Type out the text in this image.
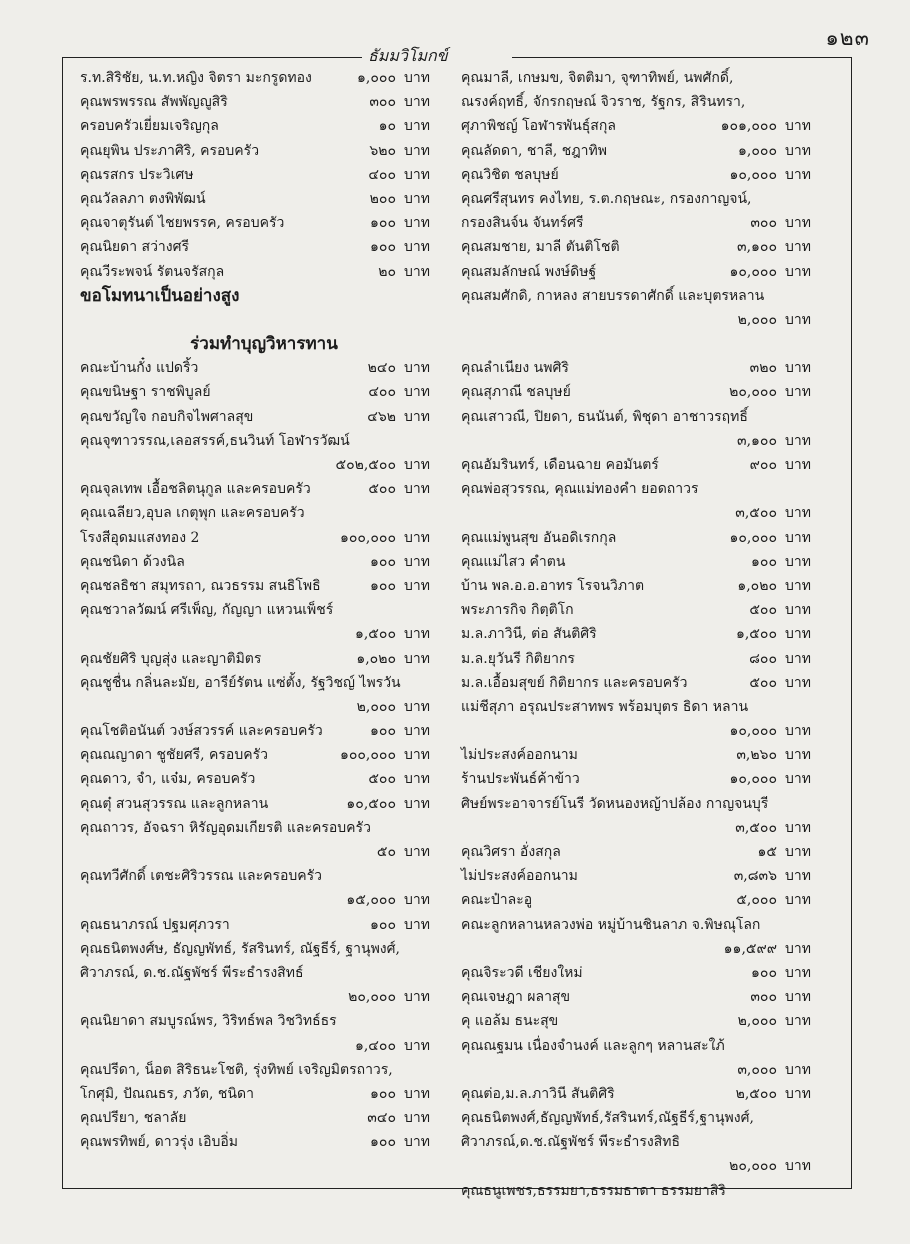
๑๒๓
ธัมมวิโมกข์
ร.ท.สิริชัย, น.ท.หญิง จิตรา มะกรูดทอง	๑,๐๐๐ บาท
คุณพรพรรณ สัพพัญญูสิริ	๓๐๐ บาท
ครอบครัวเยี่ยมเจริญกุล	๑๐ บาท
คุณยุพิน ประภาศิริ, ครอบครัว	๖๒๐ บาท
คุณรสกร ประวิเศษ	๔๐๐ บาท
คุณวัลลภา ตงพิพัฒน์	๒๐๐ บาท
คุณจาตุรันต์ ไชยพรรค, ครอบครัว	๑๐๐ บาท
คุณนิยดา สว่างศรี	๑๐๐ บาท
คุณวีระพจน์ รัตนจรัสกุล	๒๐ บาท
ขอโมทนาเป็นอย่างสูง
ร่วมทำบุญวิหารทาน
คณะบ้านกั๋ง แปดริ้ว	๒๔๐ บาท
คุณขนิษฐา ราชพิบูลย์	๔๐๐ บาท
คุณขวัญใจ กอบกิจไพศาลสุข	๔๖๒ บาท
คุณจุฑาวรรณ,เลอสรรค์,ธนวินท์ โอฬารวัฒน์
๕๐๒,๕๐๐ บาท
คุณจุลเทพ เอื้อชลิตนุกูล และครอบครัว	๕๐๐ บาท
คุณเฉลียว,อุบล เกตุพุก และครอบครัว
โรงสีอุดมแสงทอง 2	๑๐๐,๐๐๐ บาท
คุณชนิดา ด้วงนิล	๑๐๐ บาท
คุณชลธิชา สมุทรถา, ณวธรรม สนธิโพธิ	๑๐๐ บาท
คุณชวาลวัฒน์ ศรีเพ็ญ, กัญญา แหวนเพ็ชร์
๑,๕๐๐ บาท
คุณชัยศิริ บุญสุ่ง และญาติมิตร	๑,๐๒๐ บาท
คุณชูชื่น กลิ่นละมัย, อารีย์รัตน แซ่ตั้ง, รัฐวิชญ์ ไพรวัน
๒,๐๐๐ บาท
คุณโชติอนันต์ วงษ์สวรรค์ และครอบครัว	๑๐๐ บาท
คุณณญาดา ชูชัยศรี, ครอบครัว	๑๐๐,๐๐๐ บาท
คุณดาว, จำ, แจ๋ม, ครอบครัว	๕๐๐ บาท
คุณตุ๋ สวนสุวรรณ และลูกหลาน	๑๐,๕๐๐ บาท
คุณถาวร, อัจฉรา หิรัญอุดมเกียรติ และครอบครัว
๕๐ บาท
คุณทวีศักดิ์ เตชะศิริวรรณ และครอบครัว
๑๕,๐๐๐ บาท
คุณธนาภรณ์ ปฐมศุภวรา	๑๐๐ บาท
คุณธนิตพงศ์ษ, ธัญญพัทธ์, รัสรินทร์, ณัฐธีร์, ฐานุพงศ์,
ศิวาภรณ์, ด.ช.ณัฐพัชร์ พีระธำรงสิทธ์
๒๐,๐๐๐ บาท
คุณนิยาดา สมบูรณ์พร, วิริทธ์พล วิชวิทธ์ธร
๑,๔๐๐ บาท
คุณปรีดา, น็อต สิริธนะโชติ, รุ่งทิพย์ เจริญมิตรถาวร,
โกศุมิ, ปัณณธร, ภวัต, ชนิดา	๑๐๐ บาท
คุณปรียา, ชลาลัย	๓๔๐ บาท
คุณพรทิพย์, ดาวรุ่ง เอิบอิ่ม	๑๐๐ บาท
คุณมาลี, เกษมข, จิตติมา, จุฑาทิพย์, นพศักดิ์,
ณรงค์ฤทธิ์, จักรกฤษณ์ จิวราช, รัฐกร, สิรินทรา,
ศุภาพิชญ์ โอฬารพันธุ์สกุล	๑๐๑,๐๐๐ บาท
คุณลัดดา, ชาลี, ชฎาทิพ	๑,๐๐๐ บาท
คุณวิชิต ชลบุษย์	๑๐,๐๐๐ บาท
คุณศรีสุนทร คงไทย, ร.ต.กฤษณะ, กรองกาญจน์,
กรองสินจ์น จันทร์ศรี	๓๐๐ บาท
คุณสมชาย, มาลี ตันติโชติ	๓,๑๐๐ บาท
คุณสมลักษณ์ พงษ์ดิษฐ์	๑๐,๐๐๐ บาท
คุณสมศักดิ, กาหลง สายบรรดาศักดิ์ และบุตรหลาน
๒,๐๐๐ บาท
คุณลำเนียง นพศิริ	๓๒๐ บาท
คุณสุภาณี ชลบุษย์	๒๐,๐๐๐ บาท
คุณเสาวณี, ปิยดา, ธนนันต์, พิชุดา อาชาวรฤทธิ์
๓,๑๐๐ บาท
คุณอัมรินทร์, เดือนฉาย คอมันตร์	๙๐๐ บาท
คุณพ่อสุวรรณ, คุณแม่ทองคำ ยอดถาวร
๓,๕๐๐ บาท
คุณแม่พูนสุข อันอดิเรกกุล	๑๐,๐๐๐ บาท
คุณแม่ไสว คำตน	๑๐๐ บาท
บ้าน พล.อ.อ.อาทร โรจนวิภาต	๑,๐๒๐ บาท
พระภารกิจ กิตฺติโก	๕๐๐ บาท
ม.ล.ภาวินี, ต่อ สันติศิริ	๑,๕๐๐ บาท
ม.ล.ยุวันรี กิติยากร	๘๐๐ บาท
ม.ล.เอื้อมสุขย์ กิติยากร และครอบครัว	๕๐๐ บาท
แม่ชีสุภา อรุณประสาทพร พร้อมบุตร ธิดา หลาน
๑๐,๐๐๐ บาท
ไม่ประสงค์ออกนาม	๓,๒๖๐ บาท
ร้านประพันธ์ค้าข้าว	๑๐,๐๐๐ บาท
ศิษย์พระอาจารย์โนรี วัดหนองหญ้าปล้อง กาญจนบุรี
๓,๕๐๐ บาท
คุณวิศรา อั่งสกุล	๑๕ บาท
ไม่ประสงค์ออกนาม	๓,๘๓๖ บาท
คณะป๋าละอู	๕,๐๐๐ บาท
คณะลูกหลานหลวงพ่อ หมู่บ้านชินลาภ จ.พิษณุโลก
๑๑,๕๙๙ บาท
คุณจิระวดี เชียงใหม่	๑๐๐ บาท
คุณเจษฎา ผลาสุข	๓๐๐ บาท
คุ แอล้ม ธนะสุข	๒,๐๐๐ บาท
คุณณฐมน เนื่องจำนงค์ และลูกๆ หลานสะใภ้
๓,๐๐๐ บาท
คุณต่อ,ม.ล.ภาวินี สันติศิริ	๒,๕๐๐ บาท
คุณธนิตพงศ์,ธัญญพัทธ์,รัสรินทร์,ณัฐธีร์,ฐานุพงศ์,
ศิวาภรณ์,ด.ช.ณัฐพัชร์ พีระธำรงสิทธิ
๒๐,๐๐๐ บาท
คุณธนูเพชร,ธรรมยา,ธรรมธาดา ธรรมยาสิริ
